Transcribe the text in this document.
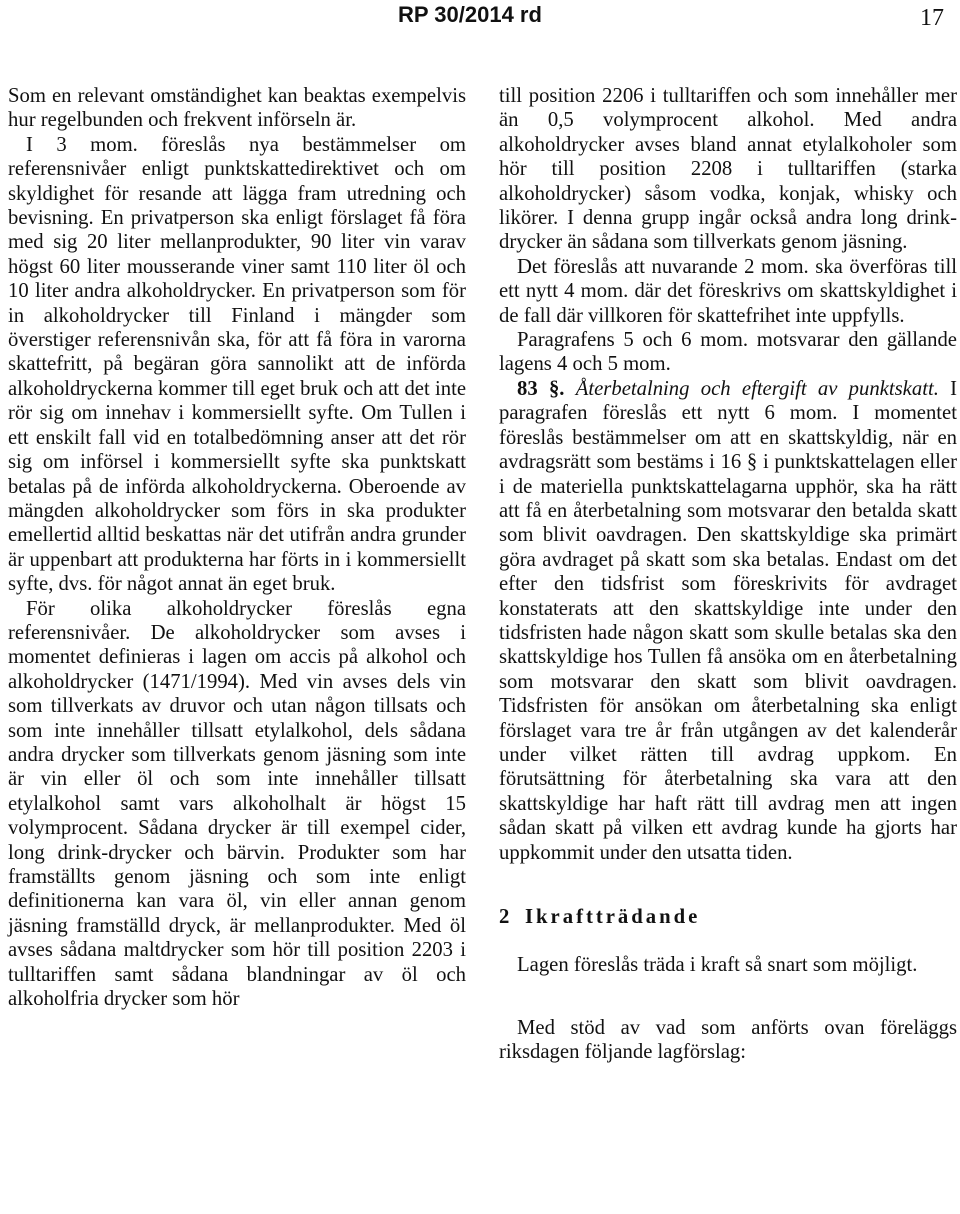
RP 30/2014 rd	17

Som en relevant omständighet kan beaktas exempelvis hur regelbunden och frekvent införseln är.

I 3 mom. föreslås nya bestämmelser om referensnivåer enligt punktskattedirektivet och om skyldighet för resande att lägga fram utredning och bevisning. En privatperson ska enligt förslaget få föra med sig 20 liter mellanprodukter, 90 liter vin varav högst 60 liter mousserande viner samt 110 liter öl och 10 liter andra alkoholdrycker. En privatperson som för in alkoholdrycker till Finland i mängder som överstiger referensnivån ska, för att få föra in varorna skattefritt, på begäran göra sannolikt att de införda alkoholdryckerna kommer till eget bruk och att det inte rör sig om innehav i kommersiellt syfte. Om Tullen i ett enskilt fall vid en totalbedömning anser att det rör sig om införsel i kommersiellt syfte ska punktskatt betalas på de införda alkoholdryckerna. Oberoende av mängden alkoholdrycker som förs in ska produkter emellertid alltid beskattas när det utifrån andra grunder är uppenbart att produkterna har förts in i kommersiellt syfte, dvs. för något annat än eget bruk.

För olika alkoholdrycker föreslås egna referensnivåer. De alkoholdrycker som avses i momentet definieras i lagen om accis på alkohol och alkoholdrycker (1471/1994). Med vin avses dels vin som tillverkats av druvor och utan någon tillsats och som inte innehåller tillsatt etylalkohol, dels sådana andra drycker som tillverkats genom jäsning som inte är vin eller öl och som inte innehåller tillsatt etylalkohol samt vars alkoholhalt är högst 15 volymprocent. Sådana drycker är till exempel cider, long drink-drycker och bärvin. Produkter som har framställts genom jäsning och som inte enligt definitionerna kan vara öl, vin eller annan genom jäsning framställd dryck, är mellanprodukter. Med öl avses sådana maltdrycker som hör till position 2203 i tulltariffen samt sådana blandningar av öl och alkoholfria drycker som hör

till position 2206 i tulltariffen och som innehåller mer än 0,5 volymprocent alkohol. Med andra alkoholdrycker avses bland annat etylalkoholer som hör till position 2208 i tulltariffen (starka alkoholdrycker) såsom vodka, konjak, whisky och likörer. I denna grupp ingår också andra long drink-drycker än sådana som tillverkats genom jäsning.

Det föreslås att nuvarande 2 mom. ska överföras till ett nytt 4 mom. där det föreskrivs om skattskyldighet i de fall där villkoren för skattefrihet inte uppfylls.

Paragrafens 5 och 6 mom. motsvarar den gällande lagens 4 och 5 mom.

83 §. Återbetalning och eftergift av punktskatt. I paragrafen föreslås ett nytt 6 mom. I momentet föreslås bestämmelser om att en skattskyldig, när en avdragsrätt som bestäms i 16 § i punktskattelagen eller i de materiella punktskattelagarna upphör, ska ha rätt att få en återbetalning som motsvarar den betalda skatt som blivit oavdragen. Den skattskyldige ska primärt göra avdraget på skatt som ska betalas. Endast om det efter den tidsfrist som föreskrivits för avdraget konstaterats att den skattskyldige inte under den tidsfristen hade någon skatt som skulle betalas ska den skattskyldige hos Tullen få ansöka om en återbetalning som motsvarar den skatt som blivit oavdragen. Tidsfristen för ansökan om återbetalning ska enligt förslaget vara tre år från utgången av det kalenderår under vilket rätten till avdrag uppkom. En förutsättning för återbetalning ska vara att den skattskyldige har haft rätt till avdrag men att ingen sådan skatt på vilken ett avdrag kunde ha gjorts har uppkommit under den utsatta tiden.

2 Ikraftträdande

Lagen föreslås träda i kraft så snart som möjligt.

Med stöd av vad som anförts ovan föreläggs riksdagen följande lagförslag:
